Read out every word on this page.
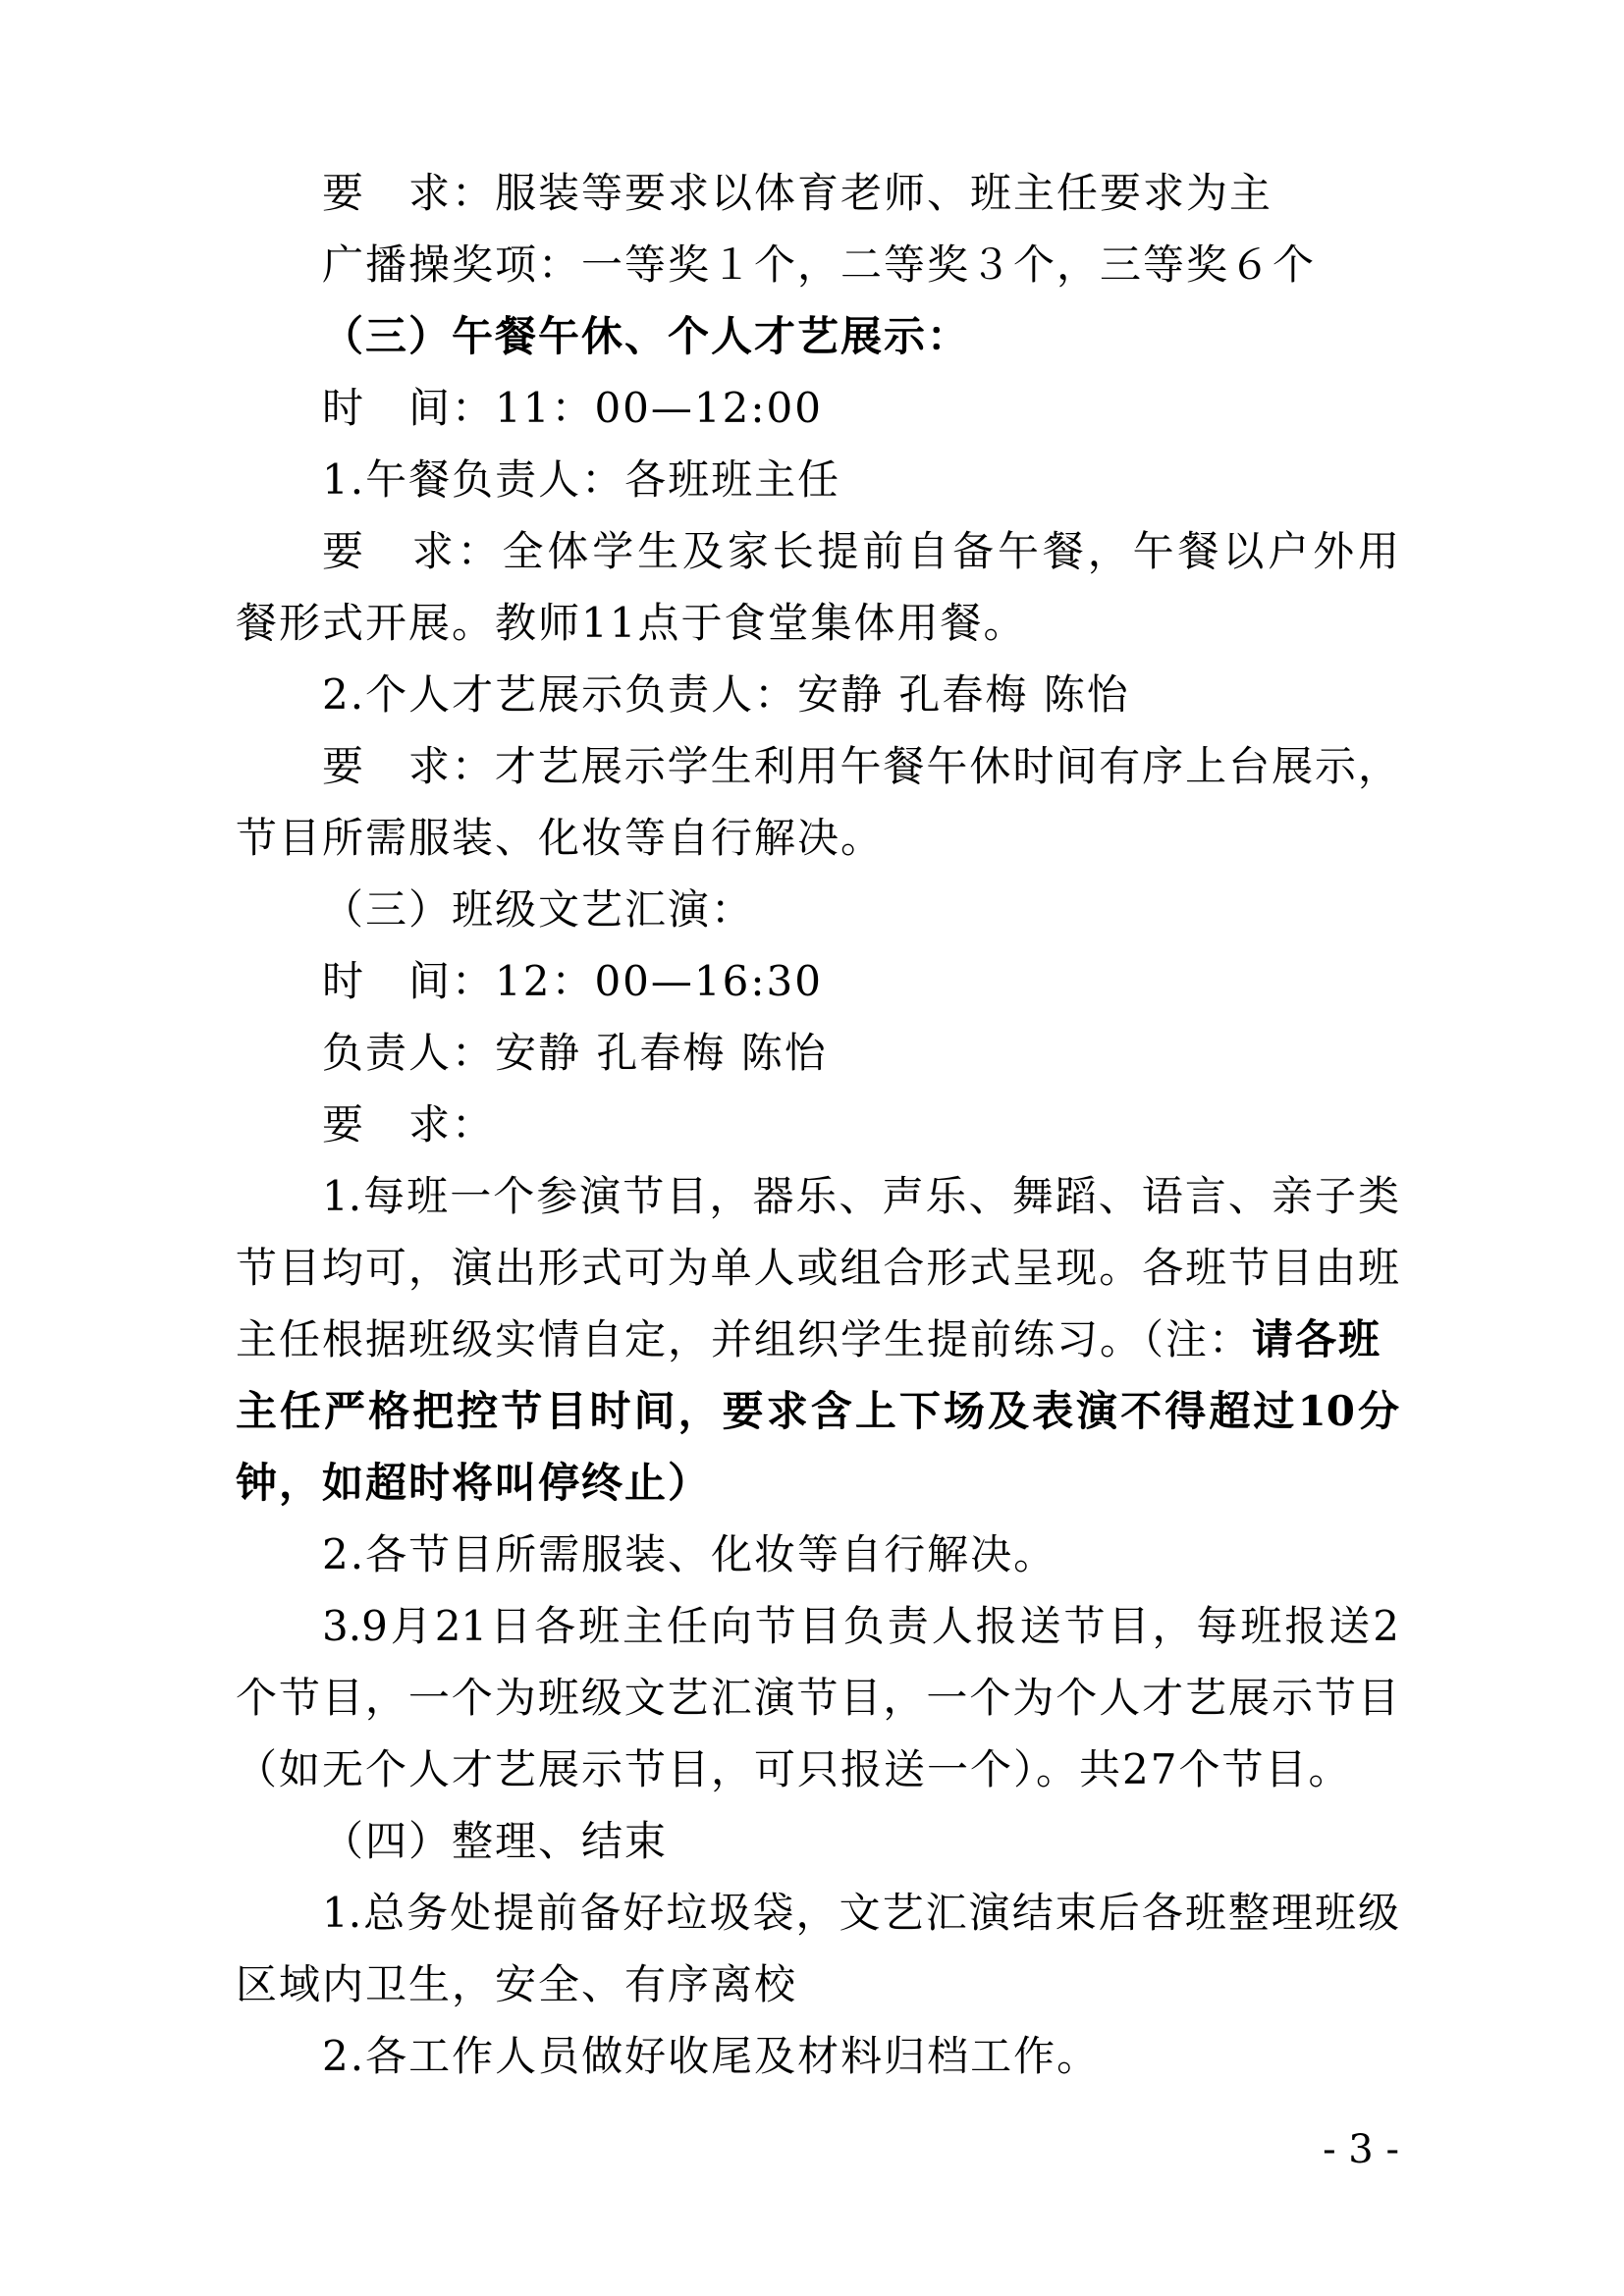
要　求：服装等要求以体育老师、班主任要求为主
广播操奖项：一等奖１个，二等奖３个，三等奖６个
（三）午餐午休、个人才艺展示：
时　间：11：00—12:00
1.午餐负责人：各班班主任
要　求：全体学生及家长提前自备午餐，午餐以户外用
餐形式开展。教师11点于食堂集体用餐。
2.个人才艺展示负责人：安静 孔春梅 陈怡
要　求：才艺展示学生利用午餐午休时间有序上台展示，
节目所需服装、化妆等自行解决。
（三）班级文艺汇演：
时　间：12：00—16:30
负责人：安静 孔春梅 陈怡
要　求：
1.每班一个参演节目，器乐、声乐、舞蹈、语言、亲子类
节目均可，演出形式可为单人或组合形式呈现。各班节目由班
主任根据班级实情自定，并组织学生提前练习。（注：请各班
主任严格把控节目时间，要求含上下场及表演不得超过10分
钟，如超时将叫停终止）
2.各节目所需服装、化妆等自行解决。
3.9月21日各班主任向节目负责人报送节目，每班报送2
个节目，一个为班级文艺汇演节目，一个为个人才艺展示节目
（如无个人才艺展示节目，可只报送一个）。共27个节目。
（四）整理、结束
1.总务处提前备好垃圾袋，文艺汇演结束后各班整理班级
区域内卫生，安全、有序离校
2.各工作人员做好收尾及材料归档工作。
- 3 -
